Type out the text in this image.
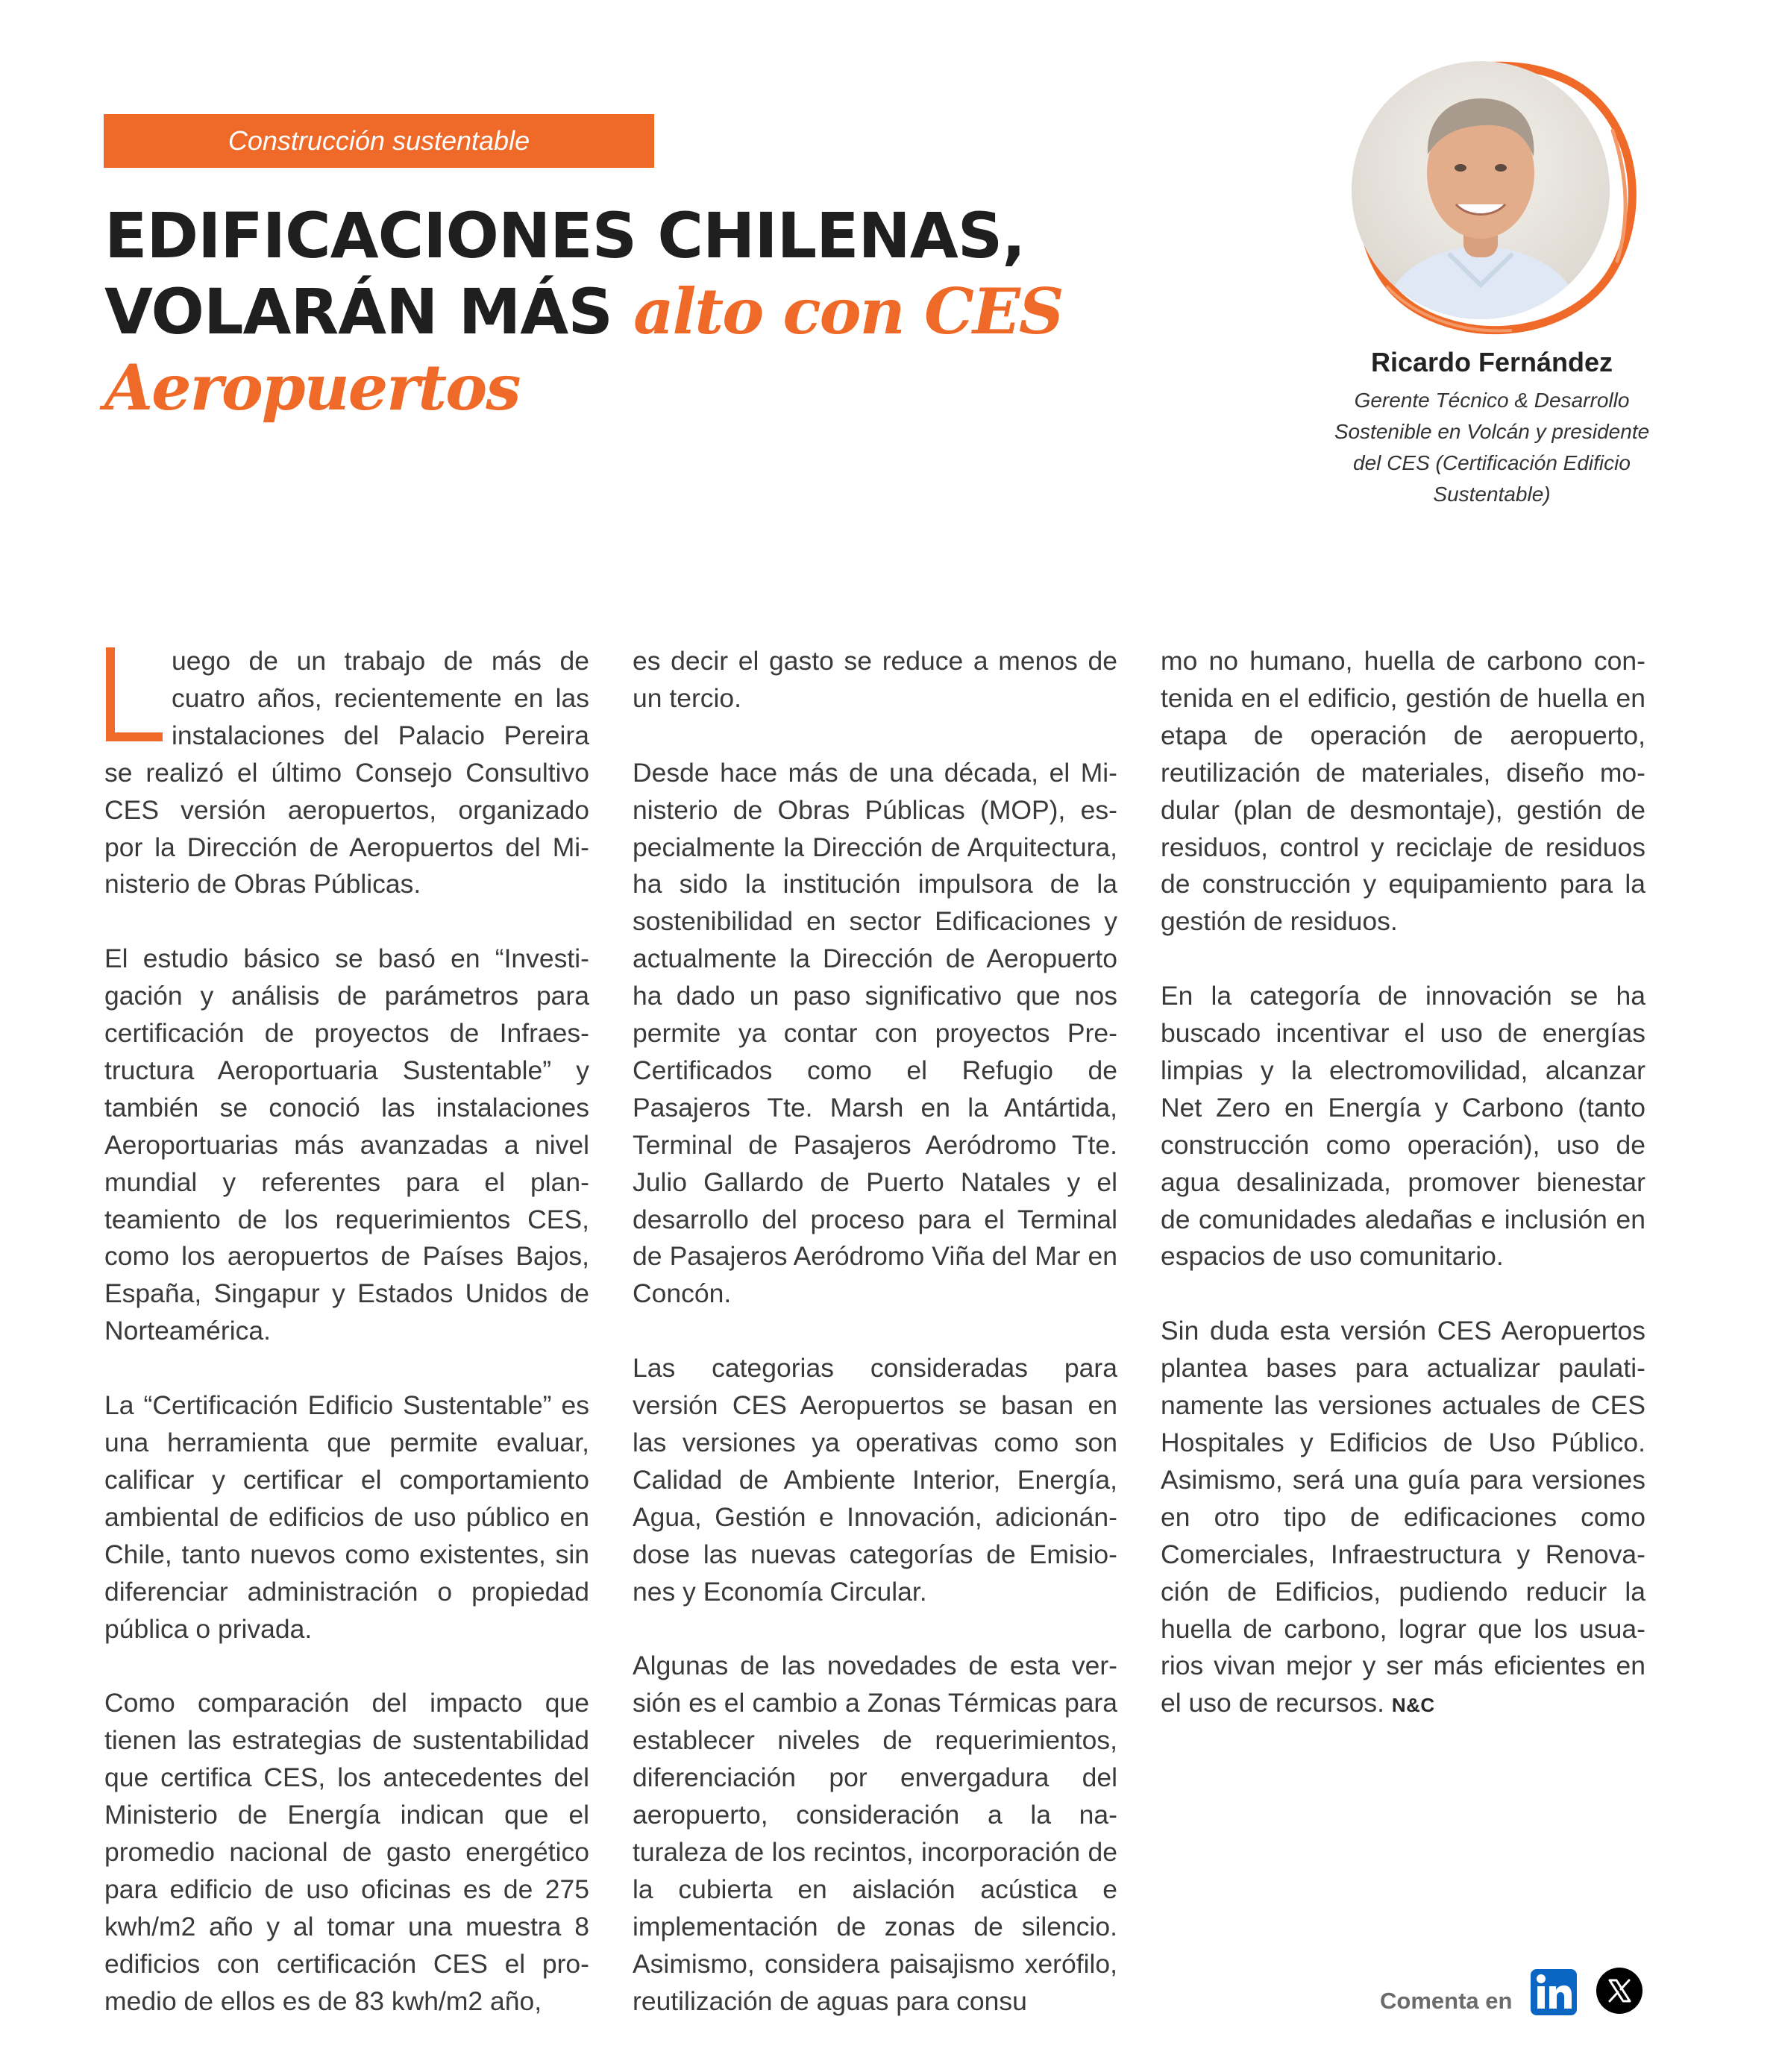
Construcción sustentable
EDIFICACIONES CHILENAS,
VOLARÁN MÁS alto con CES
Aeropuertos	Ricardo Fernández
Gerente Técnico & Desarrollo
Sostenible en Volcán y presidente
del CES (Certificación Edificio
Sustentable)

uego de un trabajo de más de cuatro años, recientemente en las instalaciones del Palacio Pereira se realizó el último Consejo Consultivo CES versión aeropuertos, organizado por la Dirección de Aeropuertos del Ministerio de Obras Públicas.

El estudio básico se basó en “Investigación y análisis de parámetros para certificación de proyectos de Infraestructura Aeroportuaria Sustentable” y también se conoció las instalaciones Aeroportuarias más avanzadas a nivel mundial y referentes para el planteamiento de los requerimientos CES, como los aeropuertos de Países Bajos, España, Singapur y Estados Unidos de Norteamérica.

La “Certificación Edificio Sustentable” es una herramienta que permite evaluar, calificar y certificar el comportamiento ambiental de edificios de uso público en Chile, tanto nuevos como existentes, sin diferenciar administración o propiedad pública o privada.

Como comparación del impacto que tienen las estrategias de sustentabilidad que certifica CES, los antecedentes del Ministerio de Energía indican que el promedio nacional de gasto energético para edificio de uso oficinas es de 275 kwh/m2 año y al tomar una muestra 8 edificios con certificación CES el promedio de ellos es de 83 kwh/m2 año,

es decir el gasto se reduce a menos de un tercio.

Desde hace más de una década, el Ministerio de Obras Públicas (MOP), especialmente la Dirección de Arquitectura, ha sido la institución impulsora de la sostenibilidad en sector Edificaciones y actualmente la Dirección de Aeropuerto ha dado un paso significativo que nos permite ya contar con proyectos Pre-Certificados como el Refugio de Pasajeros Tte. Marsh en la Antártida, Terminal de Pasajeros Aeródromo Tte. Julio Gallardo de Puerto Natales y el desarrollo del proceso para el Terminal de Pasajeros Aeródromo Viña del Mar en Concón.

Las categorias consideradas para versión CES Aeropuertos se basan en las versiones ya operativas como son Calidad de Ambiente Interior, Energía, Agua, Gestión e Innovación, adicionándose las nuevas categorías de Emisiones y Economía Circular.

Algunas de las novedades de esta versión es el cambio a Zonas Térmicas para establecer niveles de requerimientos, diferenciación por envergadura del aeropuerto, consideración a la naturaleza de los recintos, incorporación de la cubierta en aislación acústica e implementación de zonas de silencio. Asimismo, considera paisajismo xerófilo, reutilización de aguas para consu

mo no humano, huella de carbono contenida en el edificio, gestión de huella en etapa de operación de aeropuerto, reutilización de materiales, diseño modular (plan de desmontaje), gestión de residuos, control y reciclaje de residuos de construcción y equipamiento para la gestión de residuos.

En la categoría de innovación se ha buscado incentivar el uso de energías limpias y la electromovilidad, alcanzar Net Zero en Energía y Carbono (tanto construcción como operación), uso de agua desalinizada, promover bienestar de comunidades aledañas e inclusión en espacios de uso comunitario.

Sin duda esta versión CES Aeropuertos plantea bases para actualizar paulatinamente las versiones actuales de CES Hospitales y Edificios de Uso Público. Asimismo, será una guía para versiones en otro tipo de edificaciones como Comerciales, Infraestructura y Renovación de Edificios, pudiendo reducir la huella de carbono, lograr que los usuarios vivan mejor y ser más eficientes en el uso de recursos. N&C

Comenta en
